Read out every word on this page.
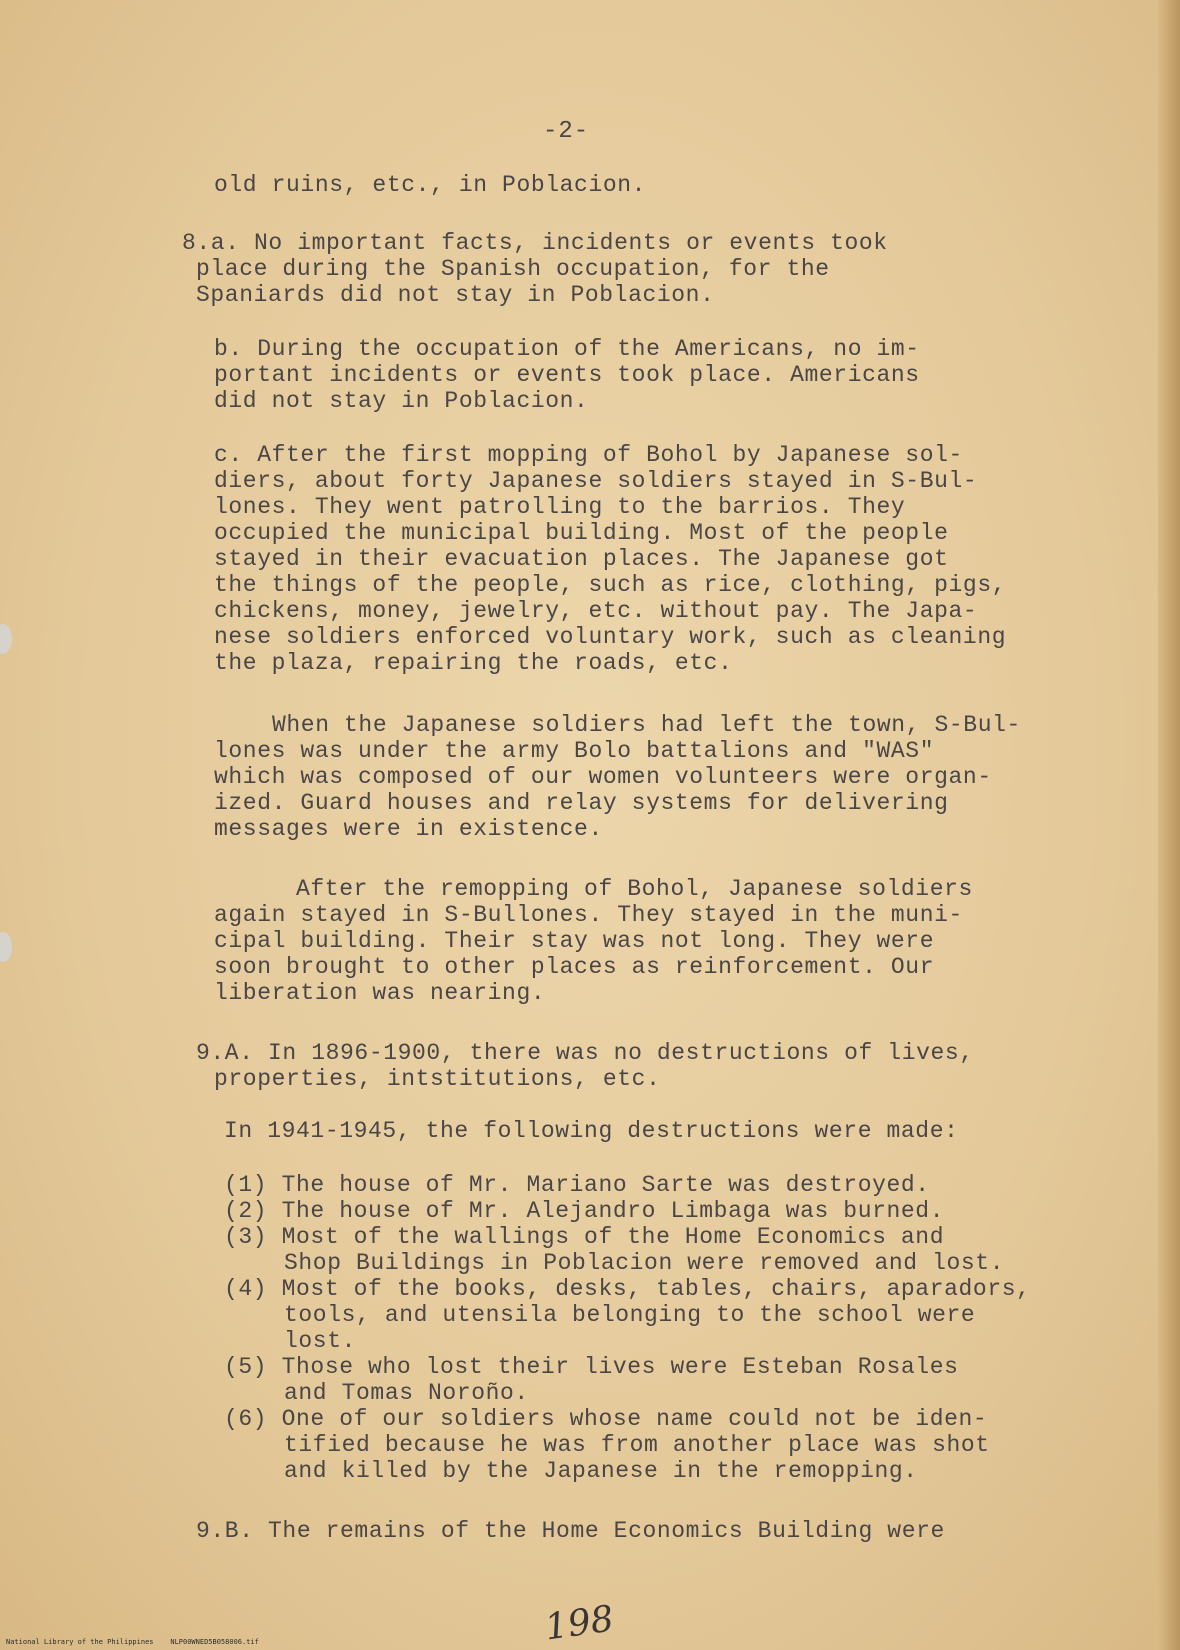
-2-
old ruins, etc., in Poblacion.
8.a. No important facts, incidents or events took
place during the Spanish occupation, for the
Spaniards did not stay in Poblacion.
b. During the occupation of the Americans, no im-
portant incidents or events took place. Americans
did not stay in Poblacion.
c. After the first mopping of Bohol by Japanese sol-
diers, about forty Japanese soldiers stayed in S-Bul-
lones. They went patrolling to the barrios. They
occupied the municipal building. Most of the people
stayed in their evacuation places. The Japanese got
the things of the people, such as rice, clothing, pigs,
chickens, money, jewelry, etc. without pay. The Japa-
nese soldiers enforced voluntary work, such as cleaning
the plaza, repairing the roads, etc.
When the Japanese soldiers had left the town, S-Bul-
lones was under the army Bolo battalions and "WAS"
which was composed of our women volunteers were organ-
ized. Guard houses and relay systems for delivering
messages were in existence.
After the remopping of Bohol, Japanese soldiers
again stayed in S-Bullones. They stayed in the muni-
cipal building. Their stay was not long. They were
soon brought to other places as reinforcement. Our
liberation was nearing.
9.A. In 1896-1900, there was no destructions of lives,
properties, intstitutions, etc.
In 1941-1945, the following destructions were made:
(1) The house of Mr. Mariano Sarte was destroyed.
(2) The house of Mr. Alejandro Limbaga was burned.
(3) Most of the wallings of the Home Economics and
Shop Buildings in Poblacion were removed and lost.
(4) Most of the books, desks, tables, chairs, aparadors,
tools, and utensila belonging to the school were
lost.
(5) Those who lost their lives were Esteban Rosales
and Tomas Noroño.
(6) One of our soldiers whose name could not be iden-
tified because he was from another place was shot
and killed by the Japanese in the remopping.
9.B. The remains of the Home Economics Building were
198
National Library of the Philippines    NLP00WNED5B058006.tif
